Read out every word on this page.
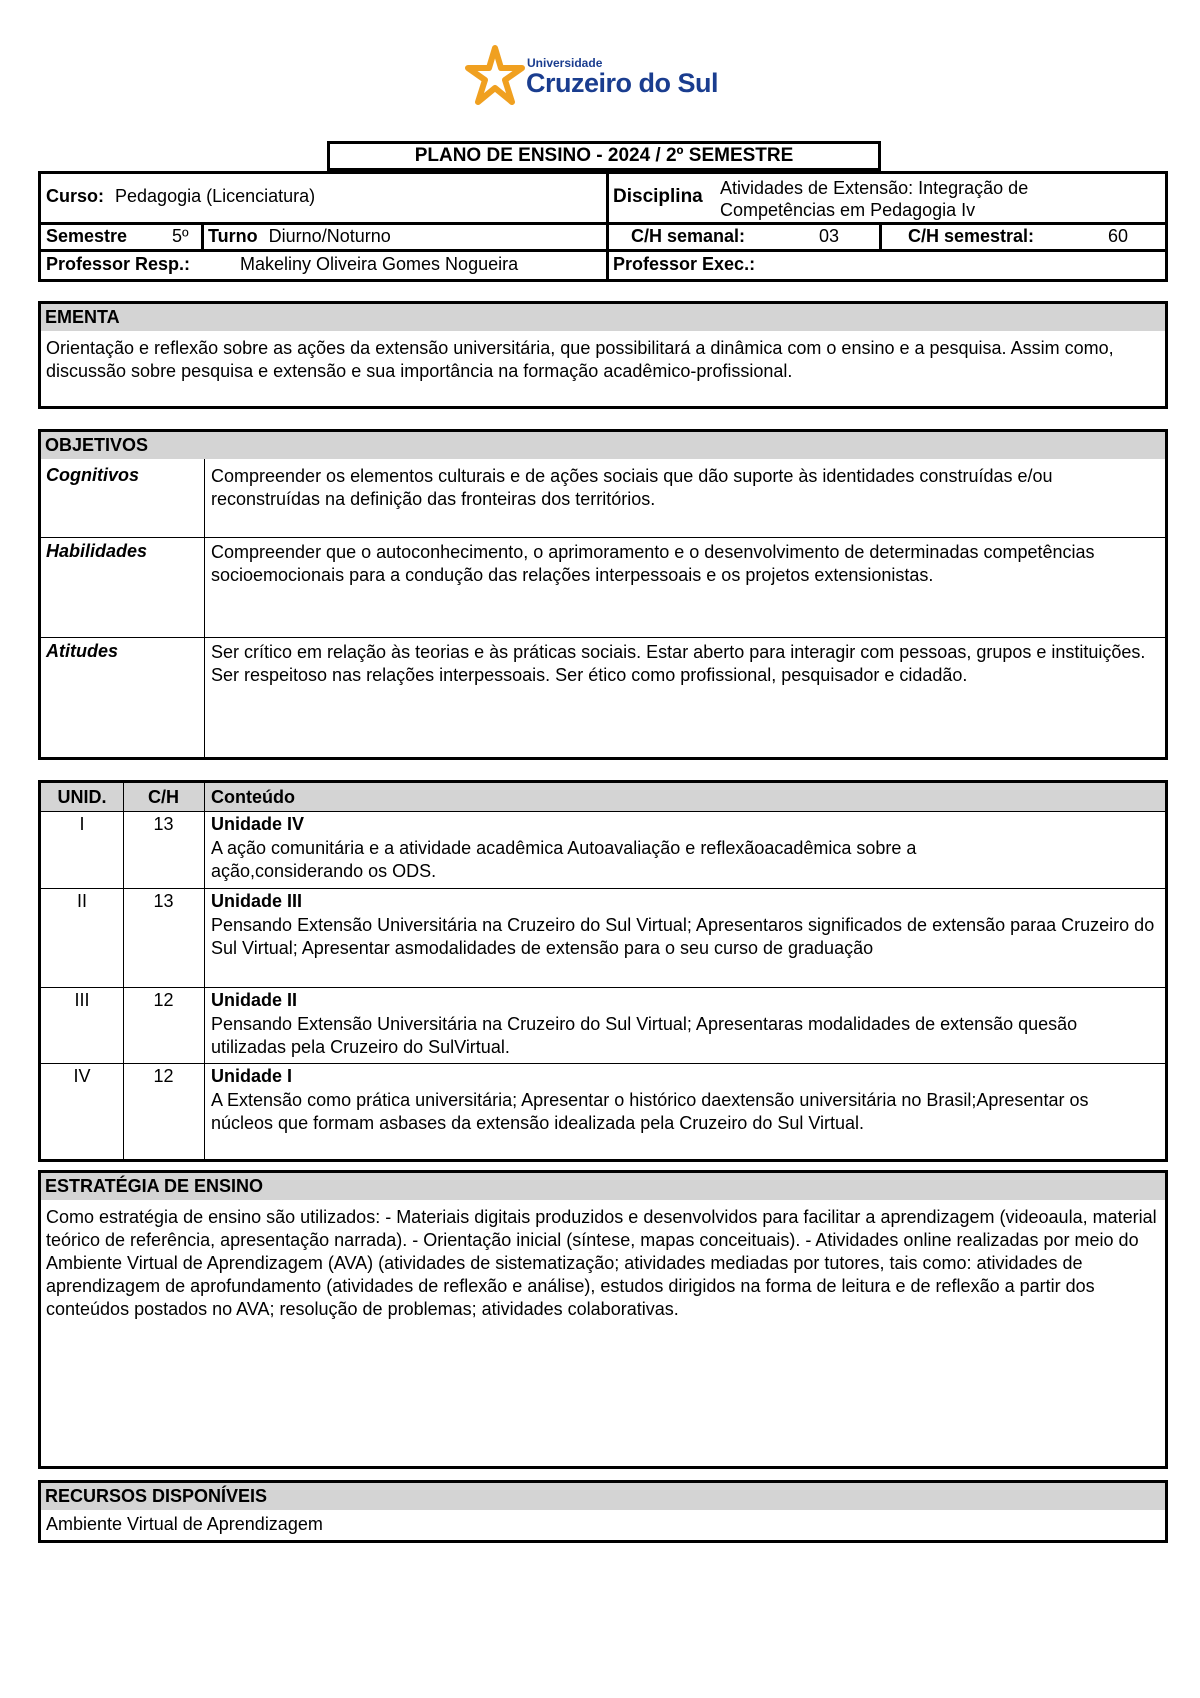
Universidade
Cruzeiro do Sul
PLANO DE ENSINO - 2024 / 2º SEMESTRE
Curso: Pedagogia (Licenciatura)	Disciplina Atividades de Extensão: Integração de Competências em Pedagogia Iv
Semestre 5º Turno Diurno/Noturno	C/H semanal:	03	C/H semestral:	60
Professor Resp.:	Makeliny Oliveira Gomes Nogueira	Professor Exec.:
EMENTA
Orientação e reflexão sobre as ações da extensão universitária, que possibilitará a dinâmica com o ensino e a pesquisa. Assim como, discussão sobre pesquisa e extensão e sua importância na formação acadêmico-profissional.
OBJETIVOS
Cognitivos	Compreender os elementos culturais e de ações sociais que dão suporte às identidades construídas e/ou reconstruídas na definição das fronteiras dos territórios.
Habilidades	Compreender que o autoconhecimento, o aprimoramento e o desenvolvimento de determinadas competências socioemocionais para a condução das relações interpessoais e os projetos extensionistas.
Atitudes	Ser crítico em relação às teorias e às práticas sociais. Estar aberto para interagir com pessoas, grupos e instituições. Ser respeitoso nas relações interpessoais. Ser ético como profissional, pesquisador e cidadão.
UNID.	C/H	Conteúdo
I	13	Unidade IV
A ação comunitária e a atividade acadêmica Autoavaliação e reflexãoacadêmica sobre a ação,considerando os ODS.
II	13	Unidade III
Pensando Extensão Universitária na Cruzeiro do Sul Virtual; Apresentaros significados de extensão paraa Cruzeiro do Sul Virtual; Apresentar asmodalidades de extensão para o seu curso de graduação
III	12	Unidade II
Pensando Extensão Universitária na Cruzeiro do Sul Virtual; Apresentaras modalidades de extensão quesão utilizadas pela Cruzeiro do SulVirtual.
IV	12	Unidade I
A Extensão como prática universitária; Apresentar o histórico daextensão universitária no Brasil;Apresentar os núcleos que formam asbases da extensão idealizada pela Cruzeiro do Sul Virtual.
ESTRATÉGIA DE ENSINO
Como estratégia de ensino são utilizados: - Materiais digitais produzidos e desenvolvidos para facilitar a aprendizagem (videoaula, material teórico de referência, apresentação narrada). - Orientação inicial (síntese, mapas conceituais). - Atividades online realizadas por meio do Ambiente Virtual de Aprendizagem (AVA) (atividades de sistematização; atividades mediadas por tutores, tais como: atividades de aprendizagem de aprofundamento (atividades de reflexão e análise), estudos dirigidos na forma de leitura e de reflexão a partir dos conteúdos postados no AVA; resolução de problemas; atividades colaborativas.
RECURSOS DISPONÍVEIS
Ambiente Virtual de Aprendizagem
